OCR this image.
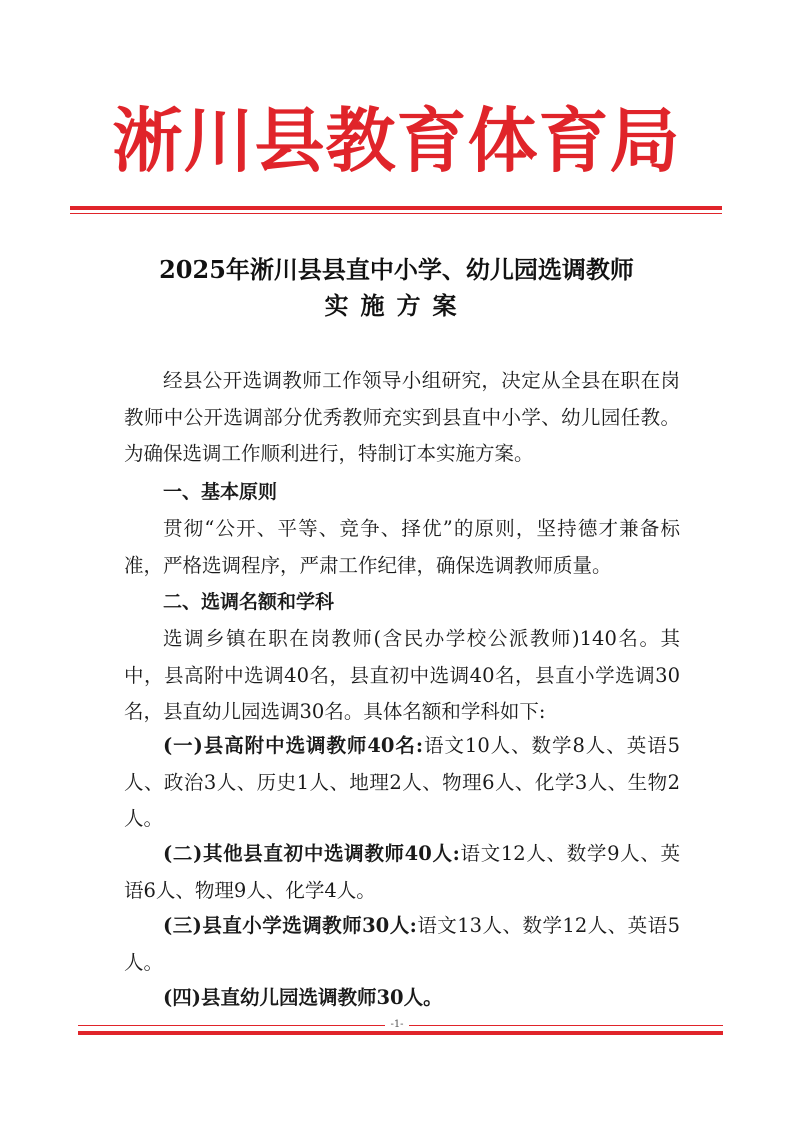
淅川县教育体育局
2025年淅川县县直中小学、幼儿园选调教师
实施方案
经县公开选调教师工作领导小组研究，决定从全县在职在岗教师中公开选调部分优秀教师充实到县直中小学、幼儿园任教。为确保选调工作顺利进行，特制订本实施方案。
一、基本原则
贯彻“公开、平等、竞争、择优”的原则，坚持德才兼备标准，严格选调程序，严肃工作纪律，确保选调教师质量。
二、选调名额和学科
选调乡镇在职在岗教师(含民办学校公派教师)140名。其中，县高附中选调40名，县直初中选调40名，县直小学选调30名，县直幼儿园选调30名。具体名额和学科如下:
(一)县高附中选调教师40名:语文10人、数学8人、英语5人、政治3人、历史1人、地理2人、物理6人、化学3人、生物2人。
(二)其他县直初中选调教师40人:语文12人、数学9人、英语6人、物理9人、化学4人。
(三)县直小学选调教师30人:语文13人、数学12人、英语5人。
(四)县直幼儿园选调教师30人。
-1-
